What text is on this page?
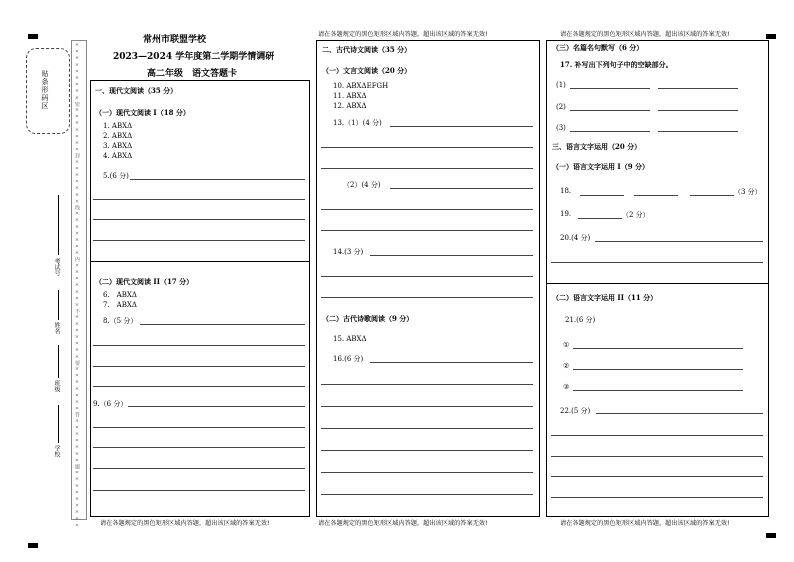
贴条形码区
考试号
姓名
班级
学校	×××××××××密×××××××封×××××××线×××××××内×××××××不×××××××要×××××××答×××××××题×××××××××
常州市联盟学校
2023—2024 学年度第二学期学情调研
高二年级　语文答题卡
请在各题规定的黑色矩形区域内答题，超出该区域的答案无效!	请在各题规定的黑色矩形区域内答题，超出该区域的答案无效!
请在各题规定的黑色矩形区域内答题，超出该区域的答案无效!	请在各题规定的黑色矩形区域内答题，超出该区域的答案无效!	请在各题规定的黑色矩形区域内答题，超出该区域的答案无效!
一、现代文阅读（35 分）
（一）现代文阅读 I（18 分）
1. ABXΔ
2. ABXΔ
3. ABXΔ
4. ABXΔ
5.(6 分)
（二）现代文阅读 II（17 分）
6.　ABXΔ
7.　ABXΔ
8.（5 分）
9.（6 分）
二、古代诗文阅读（35 分）
（一）文言文阅读（20 分）
10. ABXΔEFGH
11. ABXΔ
12. ABXΔ
13.（1）(4 分)
（2）(4 分)
14.(3 分)
（二）古代诗歌阅读（9 分）
15. ABXΔ
16.(6 分)
（三）名篇名句默写（6 分）
17. 补写出下列句子中的空缺部分。
(1)
(2)
(3)
三、语言文字运用（20 分）
（一）语言文字运用 I（9 分）
18.	（3 分）
19.	（2 分）
20.(4 分)
（二）语言文字运用 II（11 分）
21.(6 分)
①
②
③
22.(5 分)
